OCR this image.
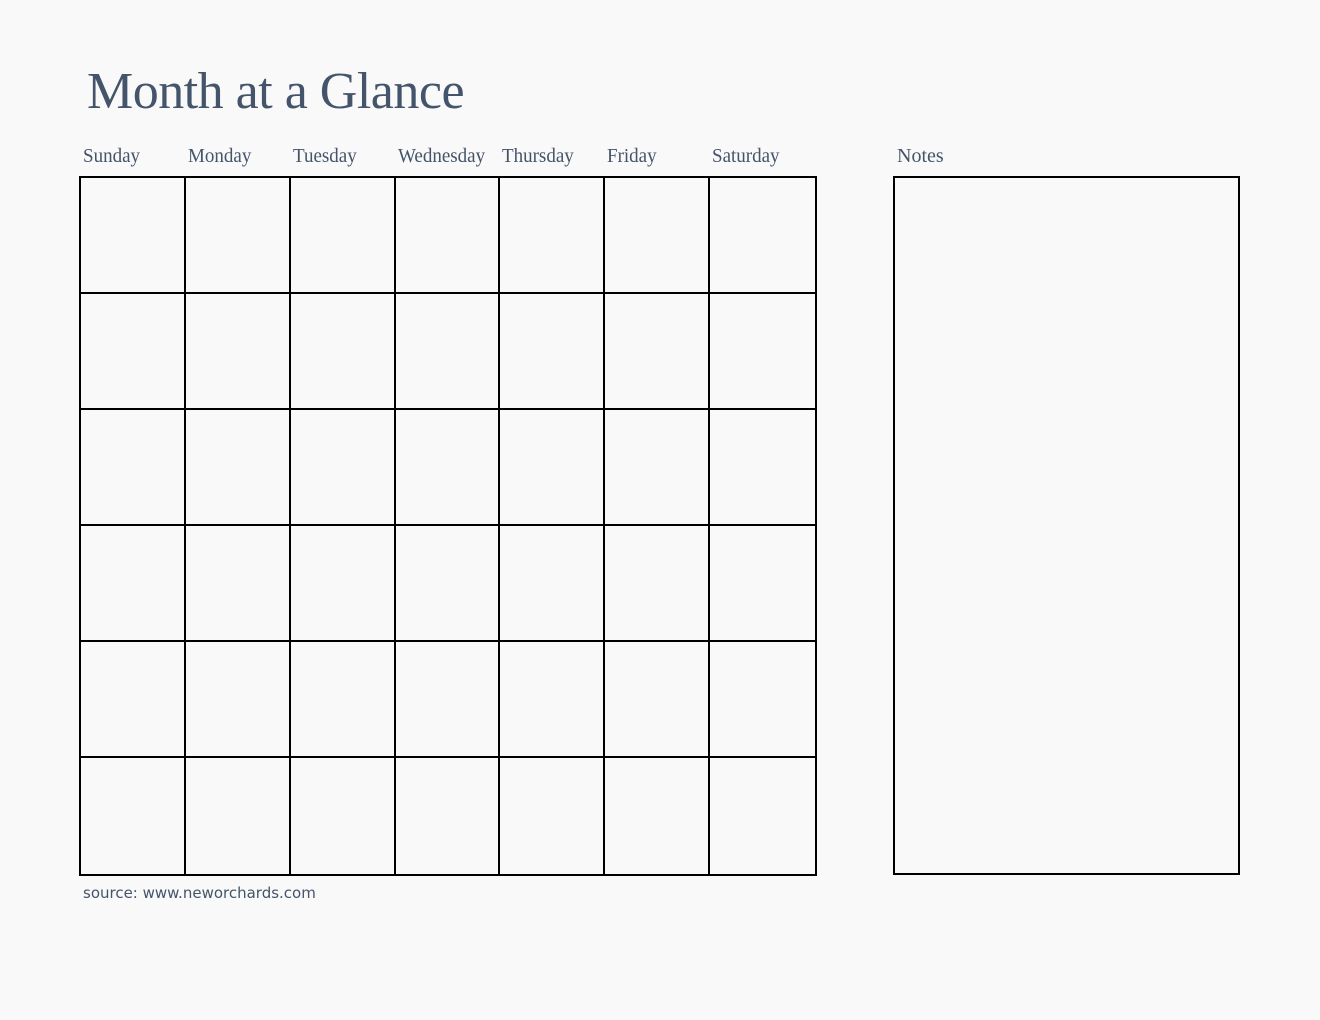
Month at a Glance
Sunday Monday Tuesday Wednesday Thursday Friday	Saturday	Notes
source: www.neworchards.com
